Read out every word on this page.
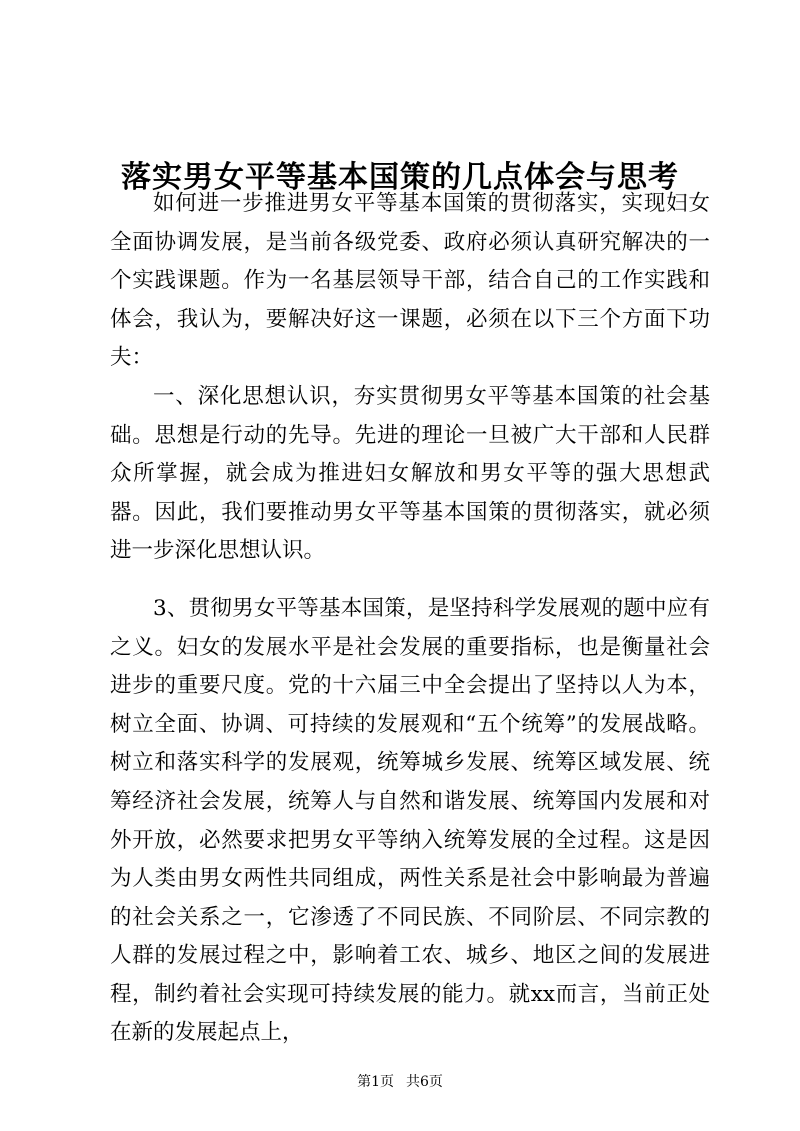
落实男女平等基本国策的几点体会与思考

如何进一步推进男女平等基本国策的贯彻落实，实现妇女全面协调发展，是当前各级党委、政府必须认真研究解决的一个实践课题。作为一名基层领导干部，结合自己的工作实践和体会，我认为，要解决好这一课题，必须在以下三个方面下功夫：

一、深化思想认识，夯实贯彻男女平等基本国策的社会基础。思想是行动的先导。先进的理论一旦被广大干部和人民群众所掌握，就会成为推进妇女解放和男女平等的强大思想武器。因此，我们要推动男女平等基本国策的贯彻落实，就必须进一步深化思想认识。

3、贯彻男女平等基本国策，是坚持科学发展观的题中应有之义。妇女的发展水平是社会发展的重要指标，也是衡量社会进步的重要尺度。党的十六届三中全会提出了坚持以人为本，树立全面、协调、可持续的发展观和“五个统筹”的发展战略。树立和落实科学的发展观，统筹城乡发展、统筹区域发展、统筹经济社会发展，统筹人与自然和谐发展、统筹国内发展和对外开放，必然要求把男女平等纳入统筹发展的全过程。这是因为人类由男女两性共同组成，两性关系是社会中影响最为普遍的社会关系之一，它渗透了不同民族、不同阶层、不同宗教的人群的发展过程之中，影响着工农、城乡、地区之间的发展进程，制约着社会实现可持续发展的能力。就xx而言，当前正处在新的发展起点上，

第1页 共6页
